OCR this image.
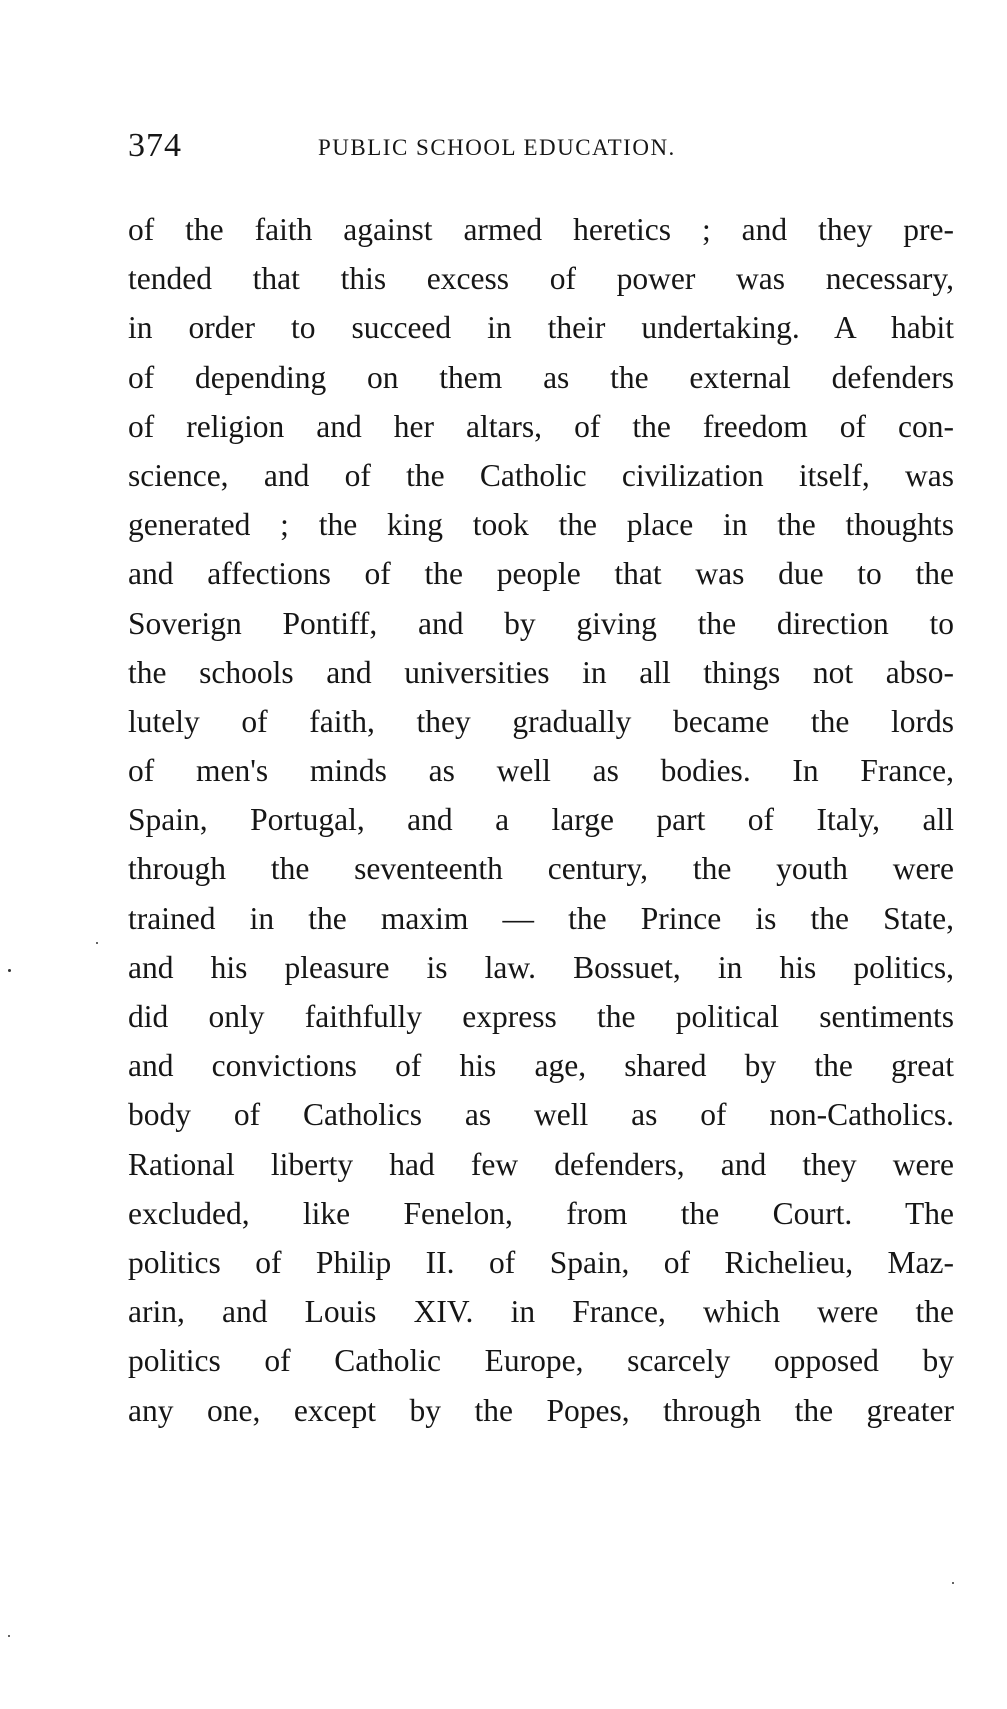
374	PUBLIC SCHOOL EDUCATION.
of the faith against armed heretics ; and they pre-
tended that this excess of power was necessary,
in order to succeed in their undertaking. A habit
of depending on them as the external defenders
of religion and her altars, of the freedom of con-
science, and of the Catholic civilization itself, was
generated ; the king took the place in the thoughts
and affections of the people that was due to the
Soverign Pontiff, and by giving the direction to
the schools and universities in all things not abso-
lutely of faith, they gradually became the lords
of men's minds as well as bodies. In France,
Spain, Portugal, and a large part of Italy, all
through the seventeenth century, the youth were
trained in the maxim — the Prince is the State,
and his pleasure is law. Bossuet, in his politics,
did only faithfully express the political sentiments
and convictions of his age, shared by the great
body of Catholics as well as of non-Catholics.
Rational liberty had few defenders, and they were
excluded, like Fenelon, from the Court. The
politics of Philip II. of Spain, of Richelieu, Maz-
arin, and Louis XIV. in France, which were the
politics of Catholic Europe, scarcely opposed by
any one, except by the Popes, through the greater
